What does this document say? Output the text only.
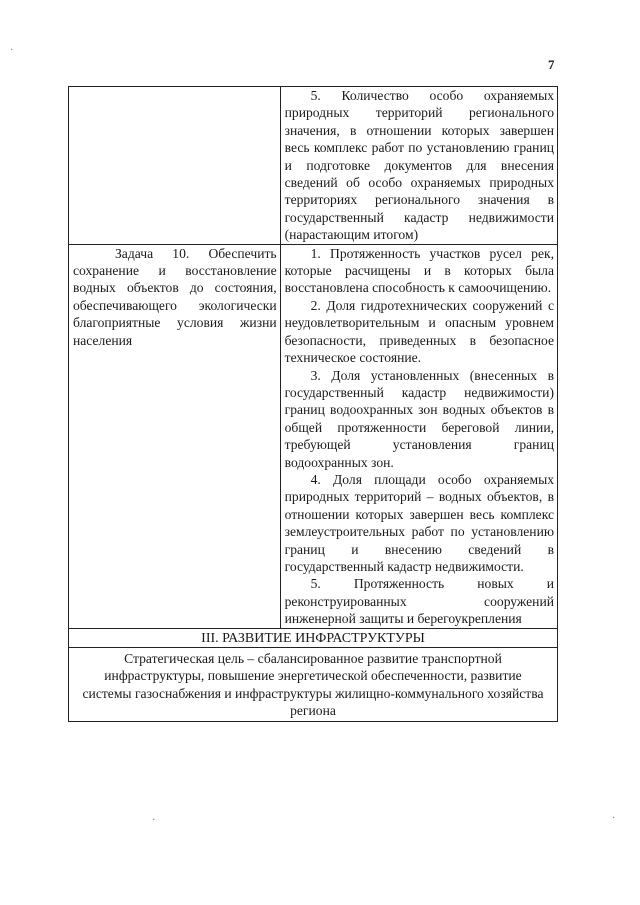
7

	5. Количество особо охраняемых природных территорий регионального значения, в отношении которых завершен весь комплекс работ по установлению границ и подготовке документов для внесения сведений об особо охраняемых природных территориях регионального значения в государственный кадастр недвижимости (нарастающим итогом)

Задача 10. Обеспечить сохранение и восстановление водных объектов до состояния, обеспечивающего экологически благоприятные условия жизни населения	1. Протяженность участков русел рек, которые расчищены и в которых была восстановлена способность к самоочищению.

2. Доля гидротехнических сооружений с неудовлетворительным и опасным уровнем безопасности, приведенных в безопасное техническое состояние.

3. Доля установленных (внесенных в государственный кадастр недвижимости) границ водоохранных зон водных объектов в общей протяженности береговой линии, требующей установления границ водоохранных зон.

4. Доля площади особо охраняемых природных территорий – водных объектов, в отношении которых завершен весь комплекс землеустроительных работ по установлению границ и внесению сведений в государственный кадастр недвижимости.

5. Протяженность новых и реконструированных сооружений инженерной защиты и берегоукрепления

III. РАЗВИТИЕ ИНФРАСТРУКТУРЫ	
Стратегическая цель – сбалансированное развитие транспортной инфраструктуры, повышение энергетической обеспеченности, развитие системы газоснабжения и инфраструктуры жилищно-коммунального хозяйства региона	
·
·	·
